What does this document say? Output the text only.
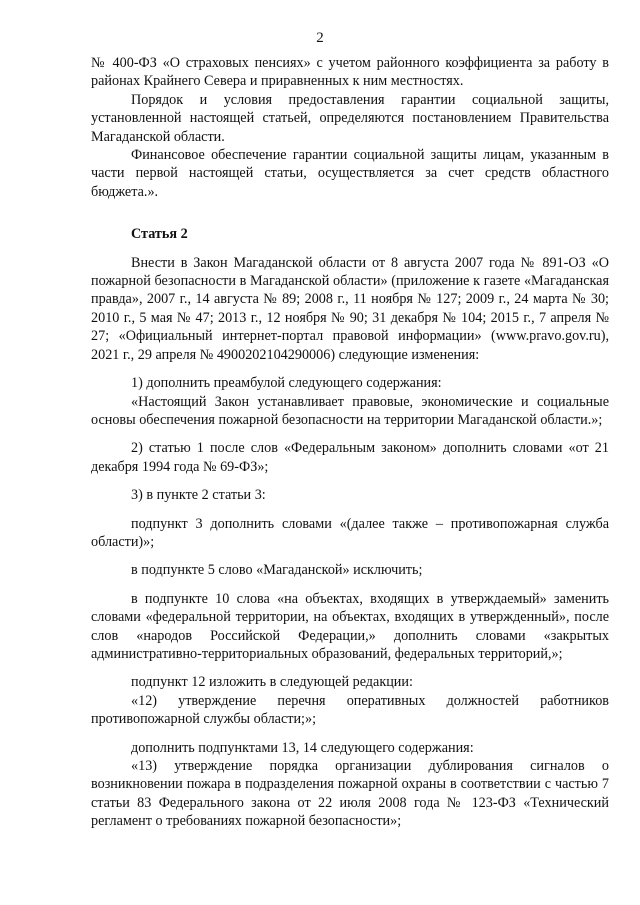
2

№ 400-ФЗ «О страховых пенсиях» с учетом районного коэффициента за работу в районах Крайнего Севера и приравненных к ним местностях.

Порядок и условия предоставления гарантии социальной защиты, установленной настоящей статьей, определяются постановлением Правительства Магаданской области.

Финансовое обеспечение гарантии социальной защиты лицам, указанным в части первой настоящей статьи, осуществляется за счет средств областного бюджета.».

Статья 2

Внести в Закон Магаданской области от 8 августа 2007 года № 891-ОЗ «О пожарной безопасности в Магаданской области» (приложение к газете «Магаданская правда», 2007 г., 14 августа № 89; 2008 г., 11 ноября № 127; 2009 г., 24 марта № 30; 2010 г., 5 мая № 47; 2013 г., 12 ноября № 90; 31 декабря № 104; 2015 г., 7 апреля № 27; «Официальный интернет-портал правовой информации» (www.pravo.gov.ru), 2021 г., 29 апреля № 4900202104290006) следующие изменения:

1) дополнить преамбулой следующего содержания:

«Настоящий Закон устанавливает правовые, экономические и социальные основы обеспечения пожарной безопасности на территории Магаданской области.»;

2) статью 1 после слов «Федеральным законом» дополнить словами «от 21 декабря 1994 года № 69-ФЗ»;

3) в пункте 2 статьи 3:

подпункт 3 дополнить словами «(далее также – противопожарная служба области)»;

в подпункте 5 слово «Магаданской» исключить;

в подпункте 10 слова «на объектах, входящих в утверждаемый» заменить словами «федеральной территории, на объектах, входящих в утвержденный», после слов «народов Российской Федерации,» дополнить словами «закрытых административно-территориальных образований, федеральных территорий,»;

подпункт 12 изложить в следующей редакции:

«12) утверждение перечня оперативных должностей работников противопожарной службы области;»;

дополнить подпунктами 13, 14 следующего содержания:

«13) утверждение порядка организации дублирования сигналов о возникновении пожара в подразделения пожарной охраны в соответствии с частью 7 статьи 83 Федерального закона от 22 июля 2008 года № 123-ФЗ «Технический регламент о требованиях пожарной безопасности»;
